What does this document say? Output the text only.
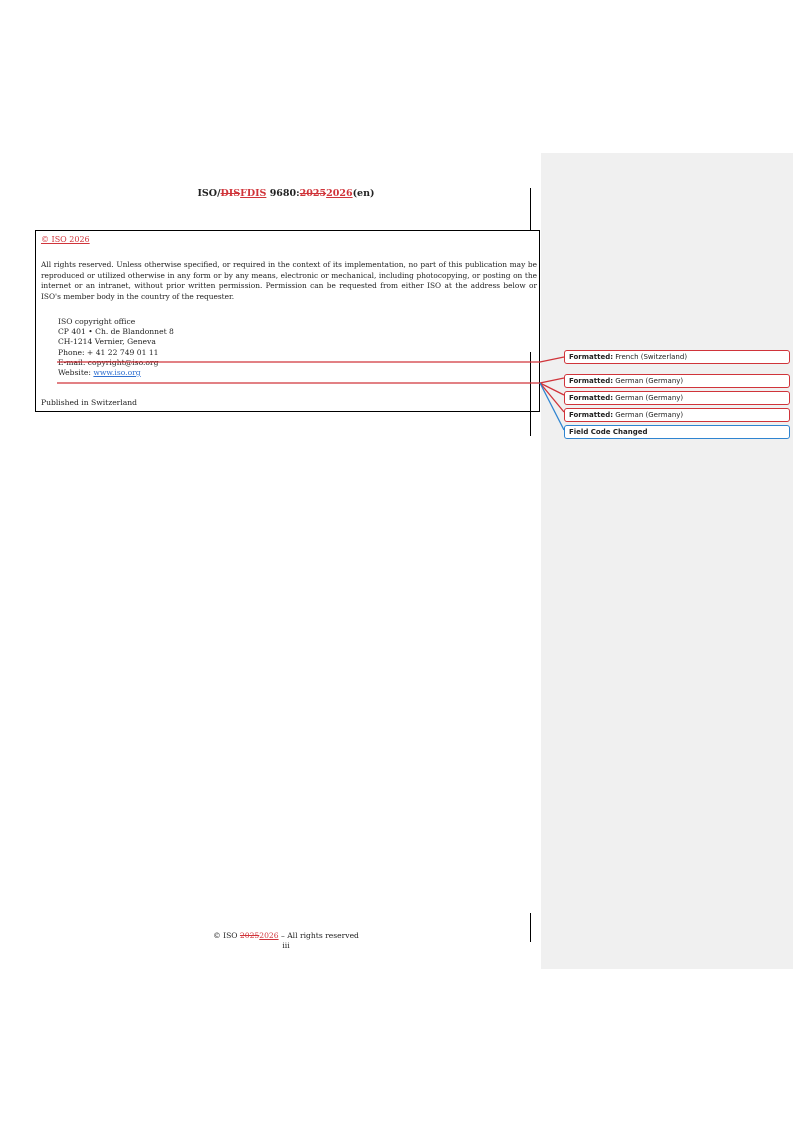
ISO/DISFDIS 9680:20252026(en)
© ISO 2026
All rights reserved. Unless otherwise specified, or required in the context of its implementation, no part of this publication may be reproduced or utilized otherwise in any form or by any means, electronic or mechanical, including photocopying, or posting on the internet or an intranet, without prior written permission. Permission can be requested from either ISO at the address below or ISO's member body in the country of the requester.
ISO copyright office
CP 401 • Ch. de Blandonnet 8
CH-1214 Vernier, Geneva
Phone: + 41 22 749 01 11
E-mail: copyright@iso.org
Website: www.iso.org
Published in Switzerland
Formatted: French (Switzerland)
Formatted: German (Germany)
Formatted: German (Germany)
Formatted: German (Germany)
Field Code Changed
© ISO 20252026 – All rights reserved
iii
